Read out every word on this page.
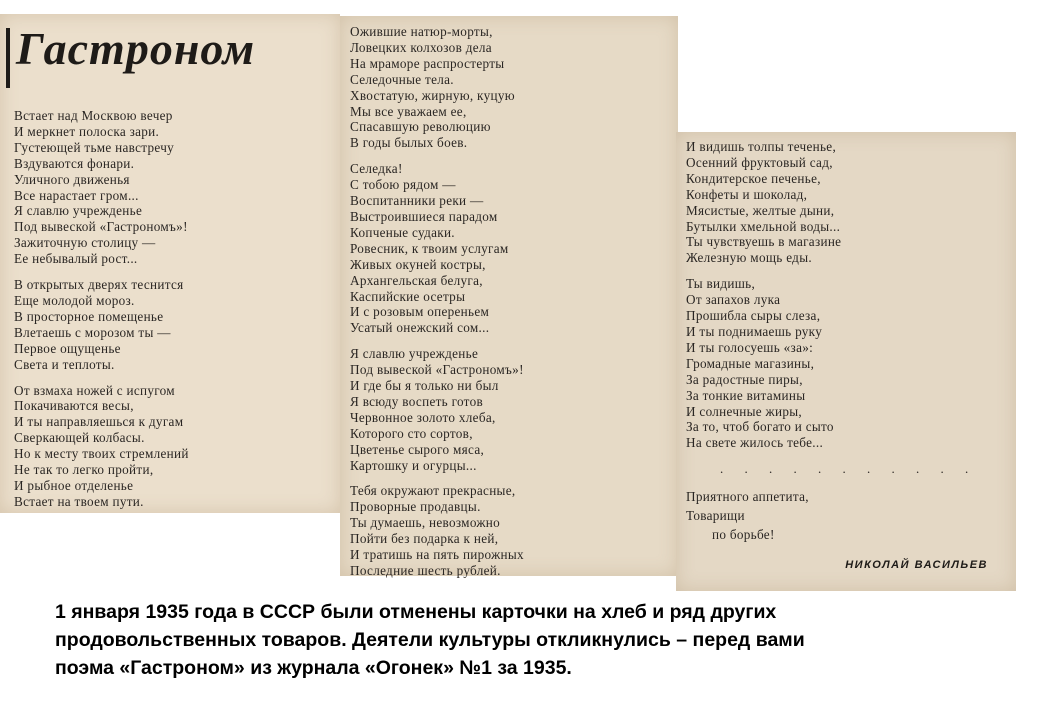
Гастроном
Встает над Москвою вечер
И меркнет полоска зари.
Густеющей тьме навстречу
Вздуваются фонари.
Уличного движенья
Все нарастает гром...
Я славлю учрежденье
Под вывеской «Гастрономъ»!
Зажиточную столицу —
Ее небывалый рост...
В открытых дверях теснится
Еще молодой мороз.
В просторное помещенье
Влетаешь с морозом ты —
Первое ощущенье
Света и теплоты.
От взмаха ножей с испугом
Покачиваются весы,
И ты направляешься к дугам
Сверкающей колбасы.
Но к месту твоих стремлений
Не так то легко пройти,
И рыбное отделенье
Встает на твоем пути.
Ожившие натюр-морты,
Ловецких колхозов дела
На мраморе распростерты
Селедочные тела.
Хвостатую, жирную, куцую
Мы все уважаем ее,
Спасавшую революцию
В годы былых боев.
Селедка!
С тобою рядом —
Воспитанники реки —
Выстроившиеся парадом
Копченые судаки.
Ровесник, к твоим услугам
Живых окуней костры,
Архангельская белуга,
Каспийские осетры
И с розовым опереньем
Усатый онежский сом...
Я славлю учрежденье
Под вывеской «Гастрономъ»!
И где бы я только ни был
Я всюду воспеть готов
Червонное золото хлеба,
Которого сто сортов,
Цветенье сырого мяса,
Картошку и огурцы...
Тебя окружают прекрасные,
Проворные продавцы.
Ты думаешь, невозможно
Пойти без подарка к ней,
И тратишь на пять пирожных
Последние шесть рублей.
И видишь толпы теченье,
Осенний фруктовый сад,
Кондитерское печенье,
Конфеты и шоколад,
Мясистые, желтые дыни,
Бутылки хмельной воды...
Ты чувствуешь в магазине
Железную мощь еды.
Ты видишь,
От запахов лука
Прошибла сыры слеза,
И ты поднимаешь руку
И ты голосуешь «за»:
Громадные магазины,
За радостные пиры,
За тонкие витамины
И солнечные жиры,
За то, чтоб богато и сыто
На свете жилось тебе...
. . . . . . . . . . .
Приятного аппетита,
Товарищи
по борьбе!
НИКОЛАЙ ВАСИЛЬЕВ
1 января 1935 года в СССР были отменены карточки на хлеб и ряд других
продовольственных товаров. Деятели культуры откликнулись – перед вами
поэма «Гастроном» из журнала «Огонек» №1 за 1935.
